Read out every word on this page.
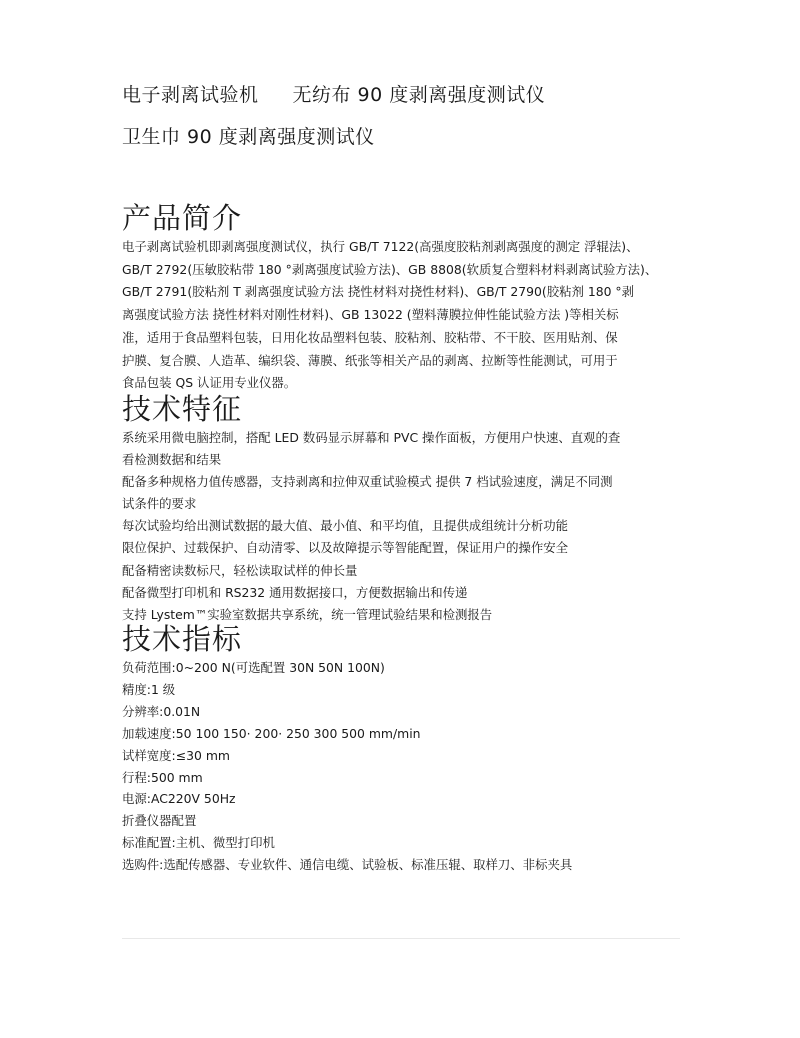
电子剥离试验机 无纺布 90 度剥离强度测试仪
卫生巾 90 度剥离强度测试仪
产品简介

电子剥离试验机即剥离强度测试仪，执行 GB/T 7122(高强度胶粘剂剥离强度的测定 浮辊法)、
GB/T 2792(压敏胶粘带 180 °剥离强度试验方法)、GB 8808(软质复合塑料材料剥离试验方法)、
GB/T 2791(胶粘剂 T 剥离强度试验方法 挠性材料对挠性材料)、GB/T 2790(胶粘剂 180 °剥
离强度试验方法 挠性材料对刚性材料)、GB 13022 (塑料薄膜拉伸性能试验方法 )等相关标
准，适用于食品塑料包装，日用化妆品塑料包装、胶粘剂、胶粘带、不干胶、医用贴剂、保
护膜、复合膜、人造革、编织袋、薄膜、纸张等相关产品的剥离、拉断等性能测试，可用于
食品包装 QS 认证用专业仪器。

技术特征
系统采用微电脑控制，搭配 LED 数码显示屏幕和 PVC 操作面板，方便用户快速、直观的查
看检测数据和结果
配备多种规格力值传感器，支持剥离和拉伸双重试验模式 提供 7 档试验速度，满足不同测
试条件的要求
每次试验均给出测试数据的最大值、最小值、和平均值，且提供成组统计分析功能
限位保护、过载保护、自动清零、以及故障提示等智能配置，保证用户的操作安全
配备精密读数标尺，轻松读取试样的伸长量
配备微型打印机和 RS232 通用数据接口，方便数据输出和传递
支持 Lystem™实验室数据共享系统，统一管理试验结果和检测报告
技术指标
负荷范围:0~200 N(可选配置 30N 50N 100N)
精度:1 级
分辨率:0.01N
加载速度:50 100 150· 200· 250 300 500 mm/min
试样宽度:≤30 mm
行程:500 mm
电源:AC220V 50Hz
折叠仪器配置
标准配置:主机、微型打印机
选购件:选配传感器、专业软件、通信电缆、试验板、标准压辊、取样刀、非标夹具
